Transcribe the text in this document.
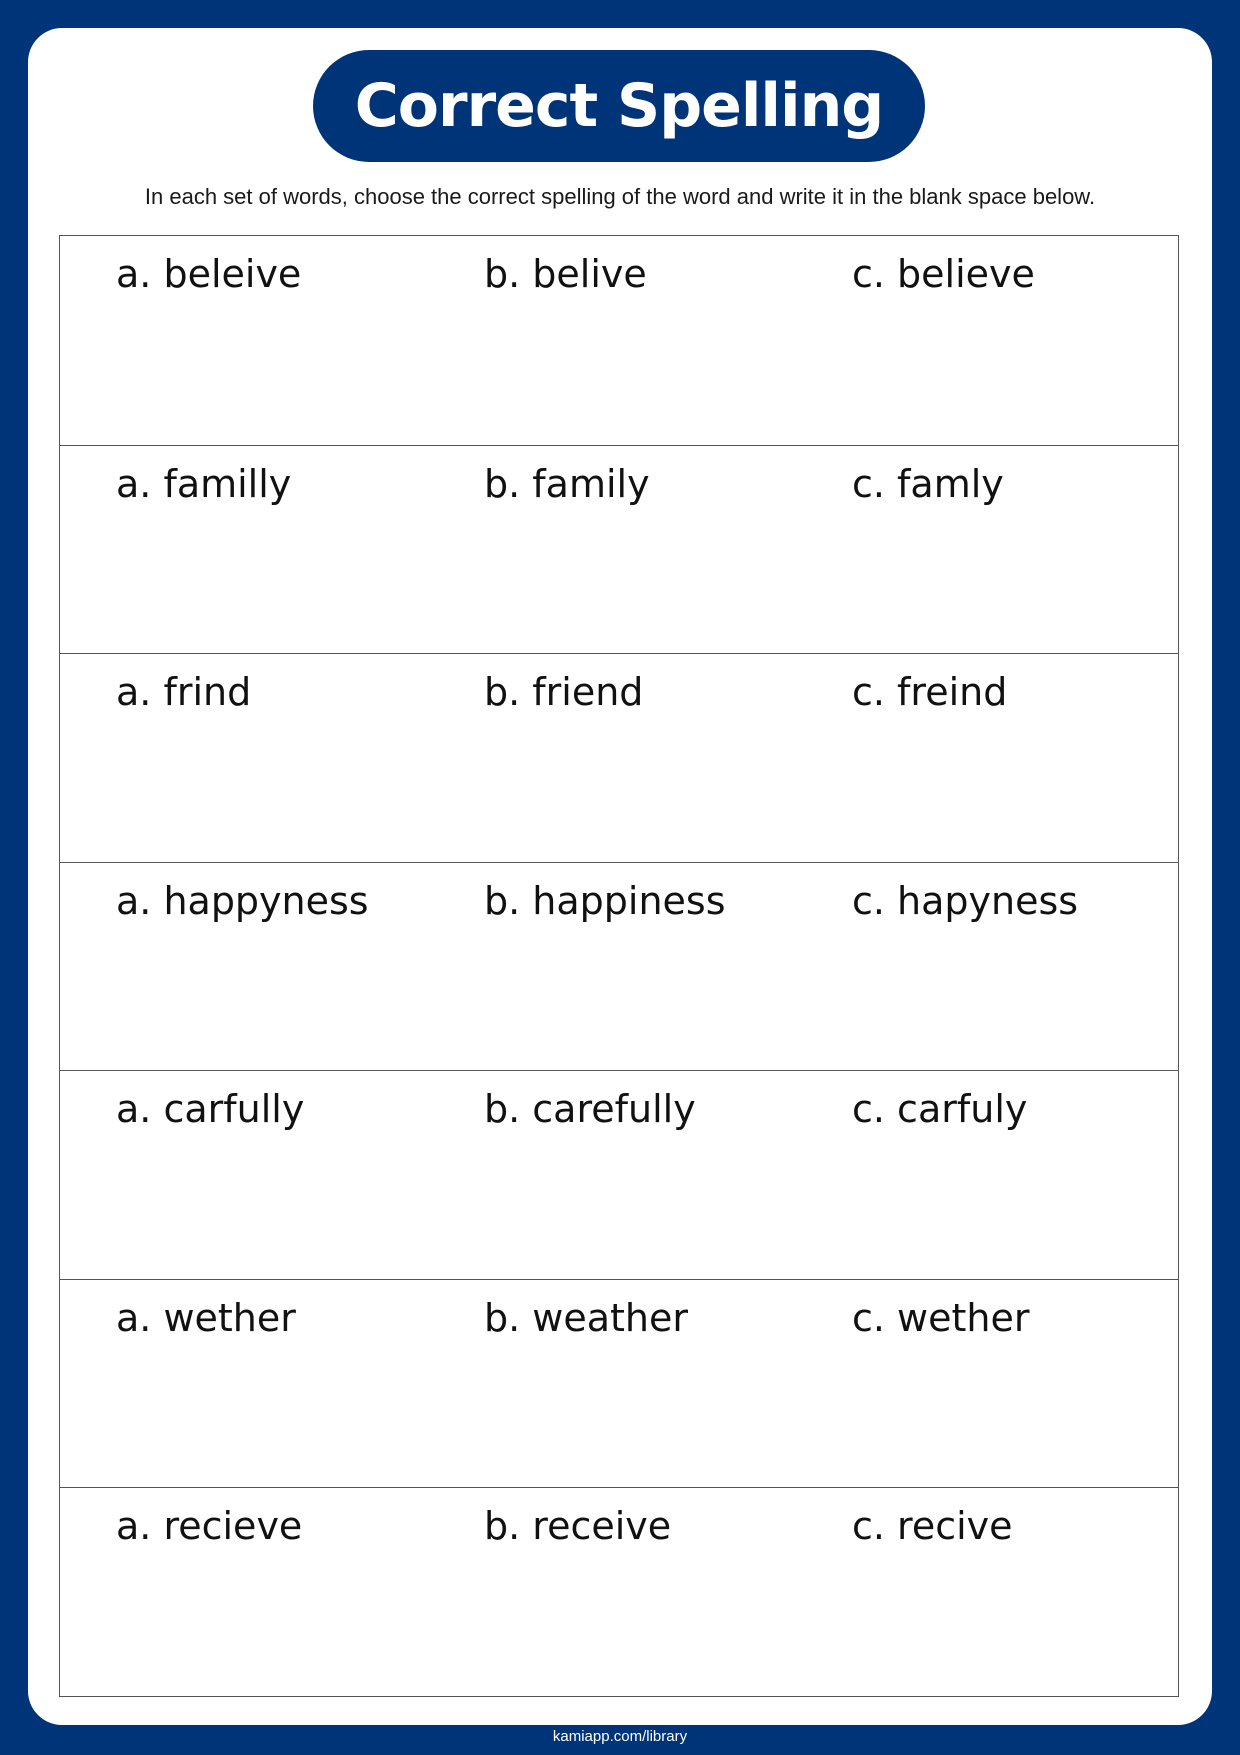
Correct Spelling
In each set of words, choose the correct spelling of the word and write it in the blank space below.
a. beleive	b. belive	c. believe
a. familly	b. family	c. famly
a. frind	b. friend	c. freind
a. happyness	b. happiness	c. hapyness
a. carfully	b. carefully	c. carfuly
a. wether	b. weather	c. wether
a. recieve	b. receive	c. recive
kamiapp.com/library
